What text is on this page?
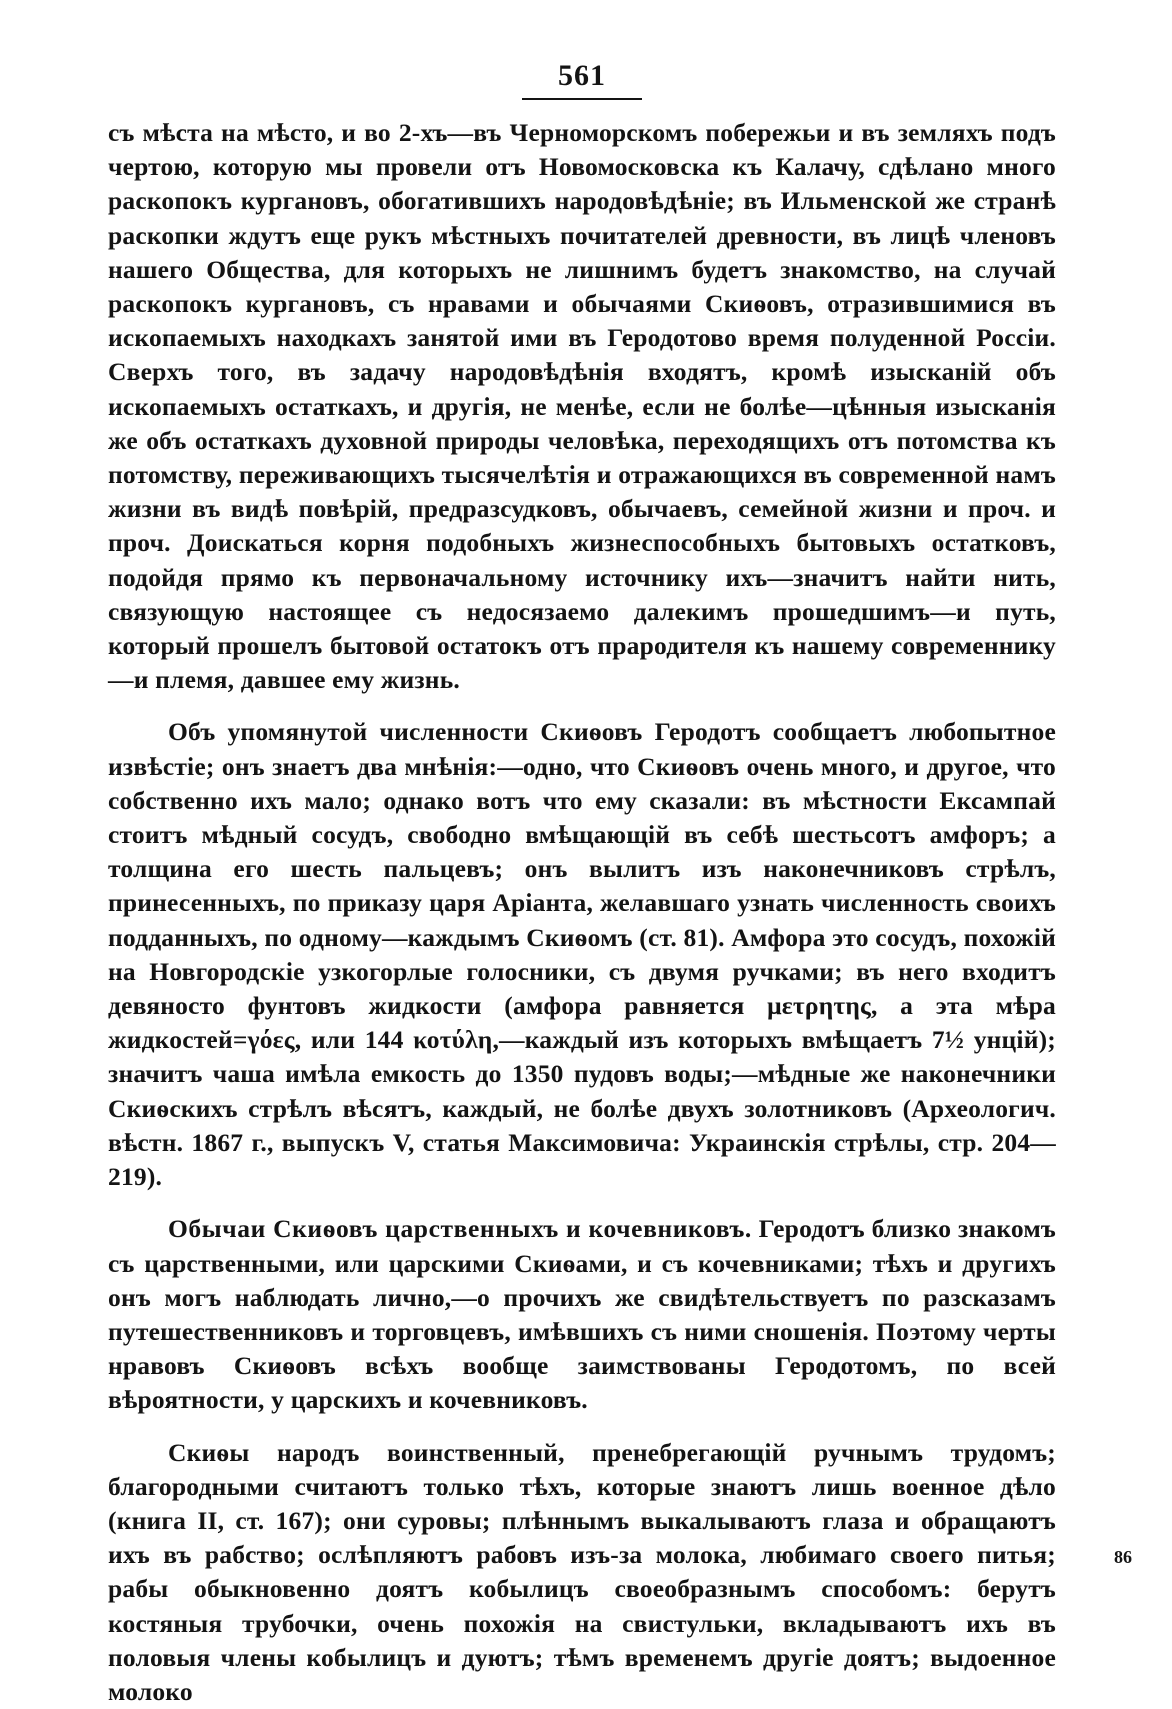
561

съ мѣста на мѣсто, и во 2-хъ—въ Черноморскомъ побережьи и въ земляхъ подъ чертою, которую мы провели отъ Новомосковска къ Калачу, сдѣлано много раскопокъ кургановъ, обогатившихъ народовѣдѣніе; въ Ильменской же странѣ раскопки ждутъ еще рукъ мѣстныхъ почитателей древности, въ лицѣ членовъ нашего Общества, для которыхъ не лишнимъ будетъ знакомство, на случай раскопокъ кургановъ, съ нравами и обычаями Скиѳовъ, отразившимися въ ископаемыхъ находкахъ занятой ими въ Геродотово время полуденной Россіи. Сверхъ того, въ задачу народовѣдѣнія входятъ, кромѣ изысканій объ ископаемыхъ остаткахъ, и другія, не менѣе, если не болѣе—цѣнныя изысканія же объ остаткахъ духовной природы человѣка, переходящихъ отъ потомства къ потомству, переживающихъ тысячелѣтія и отражающихся въ современной намъ жизни въ видѣ повѣрій, предразсудковъ, обычаевъ, семейной жизни и проч. и проч. Доискаться корня подобныхъ жизнеспособныхъ бытовыхъ остатковъ, подойдя прямо къ первоначальному источнику ихъ—значитъ найти нить, связующую настоящее съ недосязаемо далекимъ прошедшимъ—и путь, который прошелъ бытовой остатокъ отъ прародителя къ нашему современнику—и племя, давшее ему жизнь.

Объ упомянутой численности Скиѳовъ Геродотъ сообщаетъ любопытное извѣстіе; онъ знаетъ два мнѣнія:—одно, что Скиѳовъ очень много, и другое, что собственно ихъ мало; однако вотъ что ему сказали: въ мѣстности Ексампай стоитъ мѣдный сосудъ, свободно вмѣщающій въ себѣ шестьсотъ амфоръ; а толщина его шесть пальцевъ; онъ вылитъ изъ наконечниковъ стрѣлъ, принесенныхъ, по приказу царя Аріанта, желавшаго узнать численность своихъ подданныхъ, по одному—каждымъ Скиѳомъ (ст. 81). Амфора это сосудъ, похожій на Новгородскіе узкогорлые голосники, съ двумя ручками; въ него входитъ девяносто фунтовъ жидкости (амфора равняется μετρητης, а эта мѣра жидкостей=γόες, или 144 κοτύλη,—каждый изъ которыхъ вмѣщаетъ 7½ унцій); значитъ чаша имѣла емкость до 1350 пудовъ воды;—мѣдные же наконечники Скиѳскихъ стрѣлъ вѣсятъ, каждый, не болѣе двухъ золотниковъ (Археологич. вѣстн. 1867 г., выпускъ V, статья Максимовича: Украинскія стрѣлы, стр. 204—219).

Обычаи Скиѳовъ царственныхъ и кочевниковъ. Геродотъ близко знакомъ съ царственными, или царскими Скиѳами, и съ кочевниками; тѣхъ и другихъ онъ могъ наблюдать лично,—о прочихъ же свидѣтельствуетъ по разсказамъ путешественниковъ и торговцевъ, имѣвшихъ съ ними сношенія. Поэтому черты нравовъ Скиѳовъ всѣхъ вообще заимствованы Геродотомъ, по всей вѣроятности, у царскихъ и кочевниковъ.

Скиѳы народъ воинственный, пренебрегающій ручнымъ трудомъ; благородными считаютъ только тѣхъ, которые знаютъ лишь военное дѣло (книга II, ст. 167); они суровы; плѣннымъ выкалываютъ глаза и обращаютъ ихъ въ рабство; ослѣпляютъ рабовъ изъ-за молока, любимаго своего питья; рабы обыкновенно доятъ кобылицъ своеобразнымъ способомъ: берутъ костяныя трубочки, очень похожія на свистульки, вкладываютъ ихъ въ половыя члены кобылицъ и дуютъ; тѣмъ временемъ другіе доятъ; выдоенное молоко

86
